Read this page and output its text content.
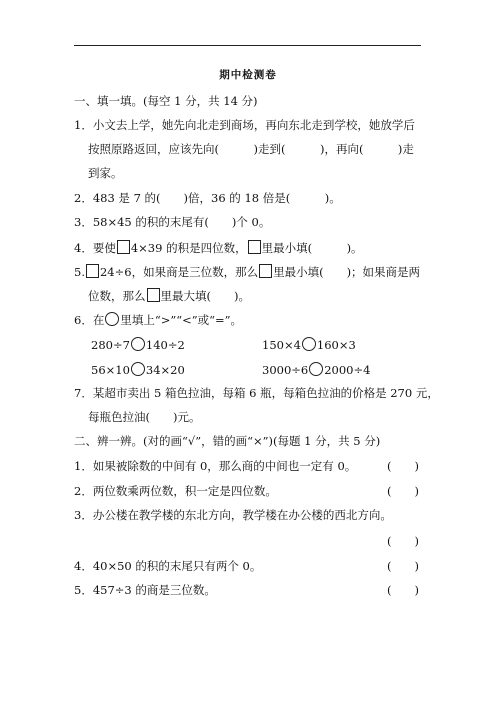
期中检测卷
一、填一填。(每空 1 分，共 14 分)
1．小文去上学，她先向北走到商场，再向东北走到学校，她放学后
按照原路返回，应该先向(　　　)走到(　　　)，再向(　　　)走
到家。
2．483 是 7 的(　　)倍，36 的 18 倍是(　　　)。
3．58×45 的积的末尾有(　　)个 0。
4．要使 4×39 的积是四位数， 里最小填(　　　)。
5. 24÷6，如果商是三位数，那么 里最小填(　　)；如果商是两
位数，那么 里最大填(　　)。
6．在 里填上“>”“<”或“=”。
280÷7 140÷2	150×4 160×3
56×10 34×20	3000÷6 2000÷4
7．某超市卖出 5 箱色拉油，每箱 6 瓶，每箱色拉油的价格是 270 元，
每瓶色拉油(　　)元。
二、辨一辨。(对的画“√”，错的画“×”)(每题 1 分，共 5 分)
1．如果被除数的中间有 0，那么商的中间也一定有 0。	(　　)
2．两位数乘两位数，积一定是四位数。	(　　)
3．办公楼在教学楼的东北方向，教学楼在办公楼的西北方向。
(　　)
4．40×50 的积的末尾只有两个 0。	(　　)
5．457÷3 的商是三位数。	(　　)
